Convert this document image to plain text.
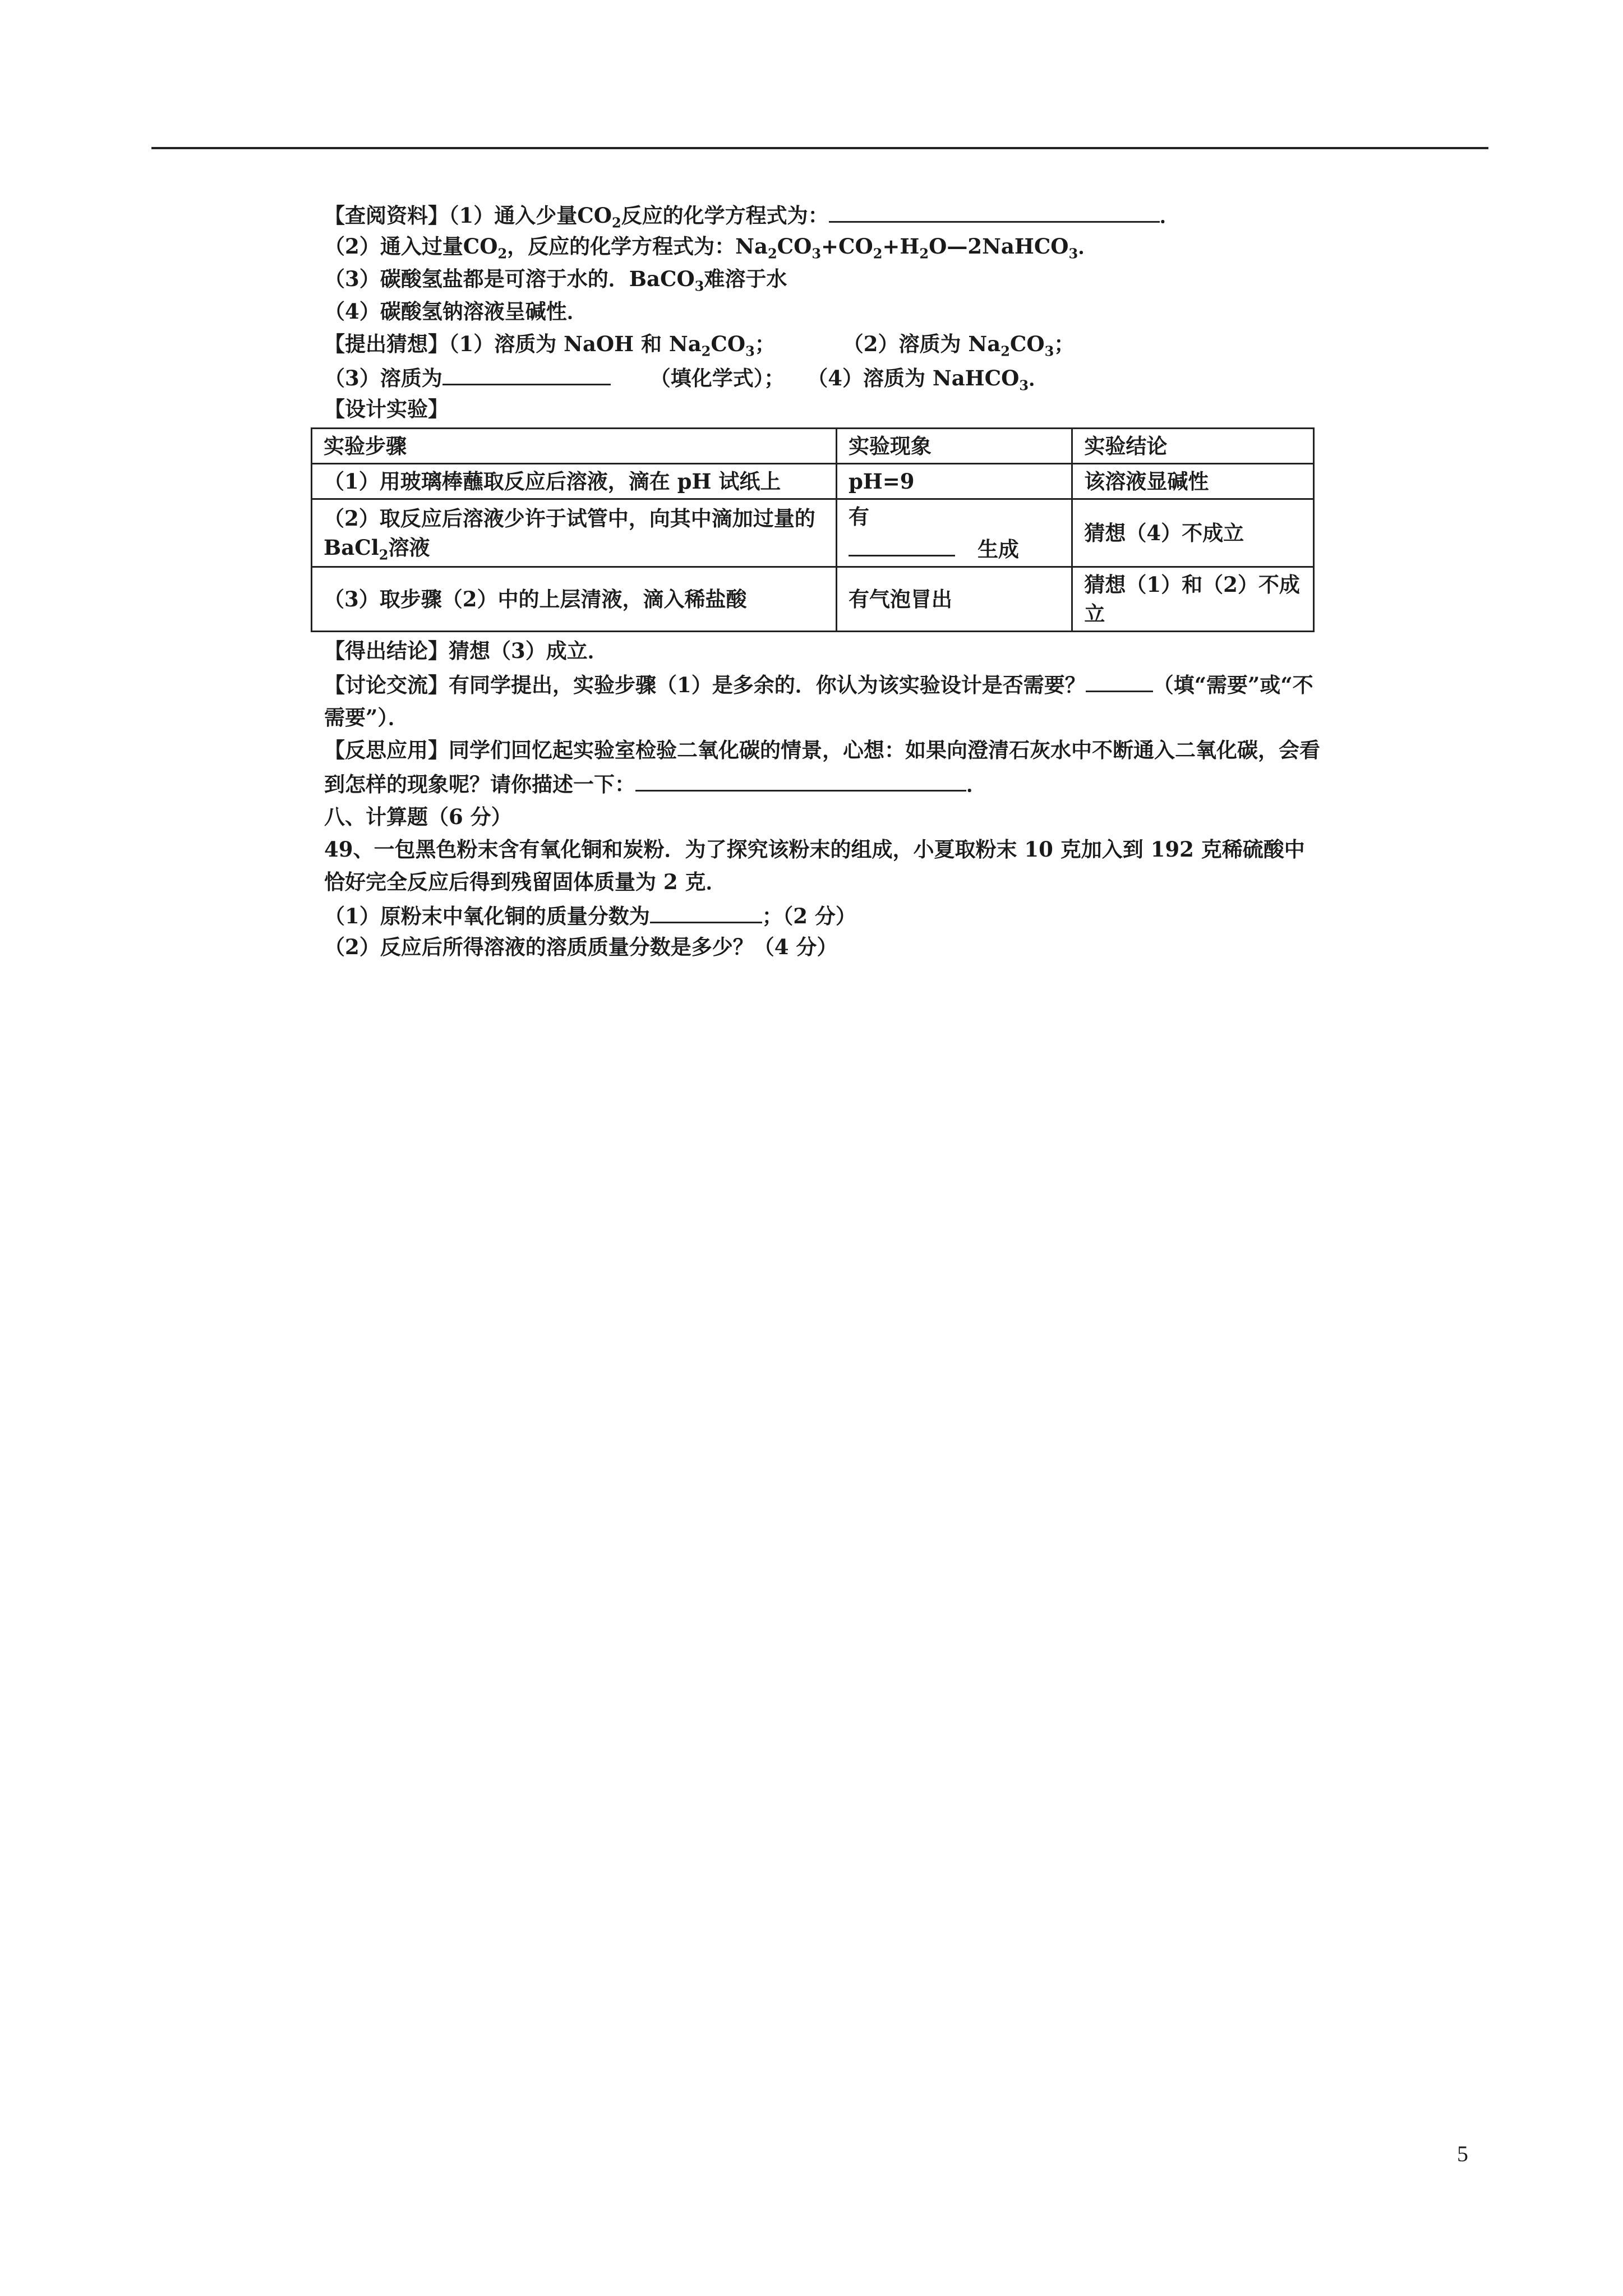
【查阅资料】（1）通入少量$CO_2$反应的化学方程式为：	．
（2）通入过量$CO_2$，反应的化学方程式为：$Na_2CO_3+CO_2+H_2O—2NaHCO_3$．
（3）碳酸氢盐都是可溶于水的．BaCO$_3$难溶于水
（4）碳酸氢钠溶液呈碱性．
【提出猜想】（1）溶质为 NaOH 和 $Na_2CO_3$；	（2）溶质为 $Na_2CO_3$；
（3）溶质为	（填化学式）； （4）溶质为 NaHCO$_3$．
【设计实验】
实验步骤	实验现象	实验结论
（1）用玻璃棒蘸取反应后溶液，滴在 pH 试纸上	pH=9	该溶液显碱性
（2）取反应后溶液少许于试管中，向其中滴加过量的 BaCl$_2$溶液	有
生成	猜想（4）不成立
（3）取步骤（2）中的上层清液，滴入稀盐酸	有气泡冒出	猜想（1）和（2）不成立
【得出结论】猜想（3）成立．
【讨论交流】有同学提出，实验步骤（1）是多余的．你认为该实验设计是否需要？	（填“需要”或“不需要”）．
【反思应用】同学们回忆起实验室检验二氧化碳的情景，心想：如果向澄清石灰水中不断通入二氧化碳，会看到怎样的现象呢？请你描述一下：	．
八、计算题（6 分）
49、一包黑色粉末含有氧化铜和炭粉．为了探究该粉末的组成，小夏取粉末 10 克加入到 192 克稀硫酸中恰好完全反应后得到残留固体质量为 2 克．
（1）原粉末中氧化铜的质量分数为	；（2 分）
（2）反应后所得溶液的溶质质量分数是多少？（4 分）
5
